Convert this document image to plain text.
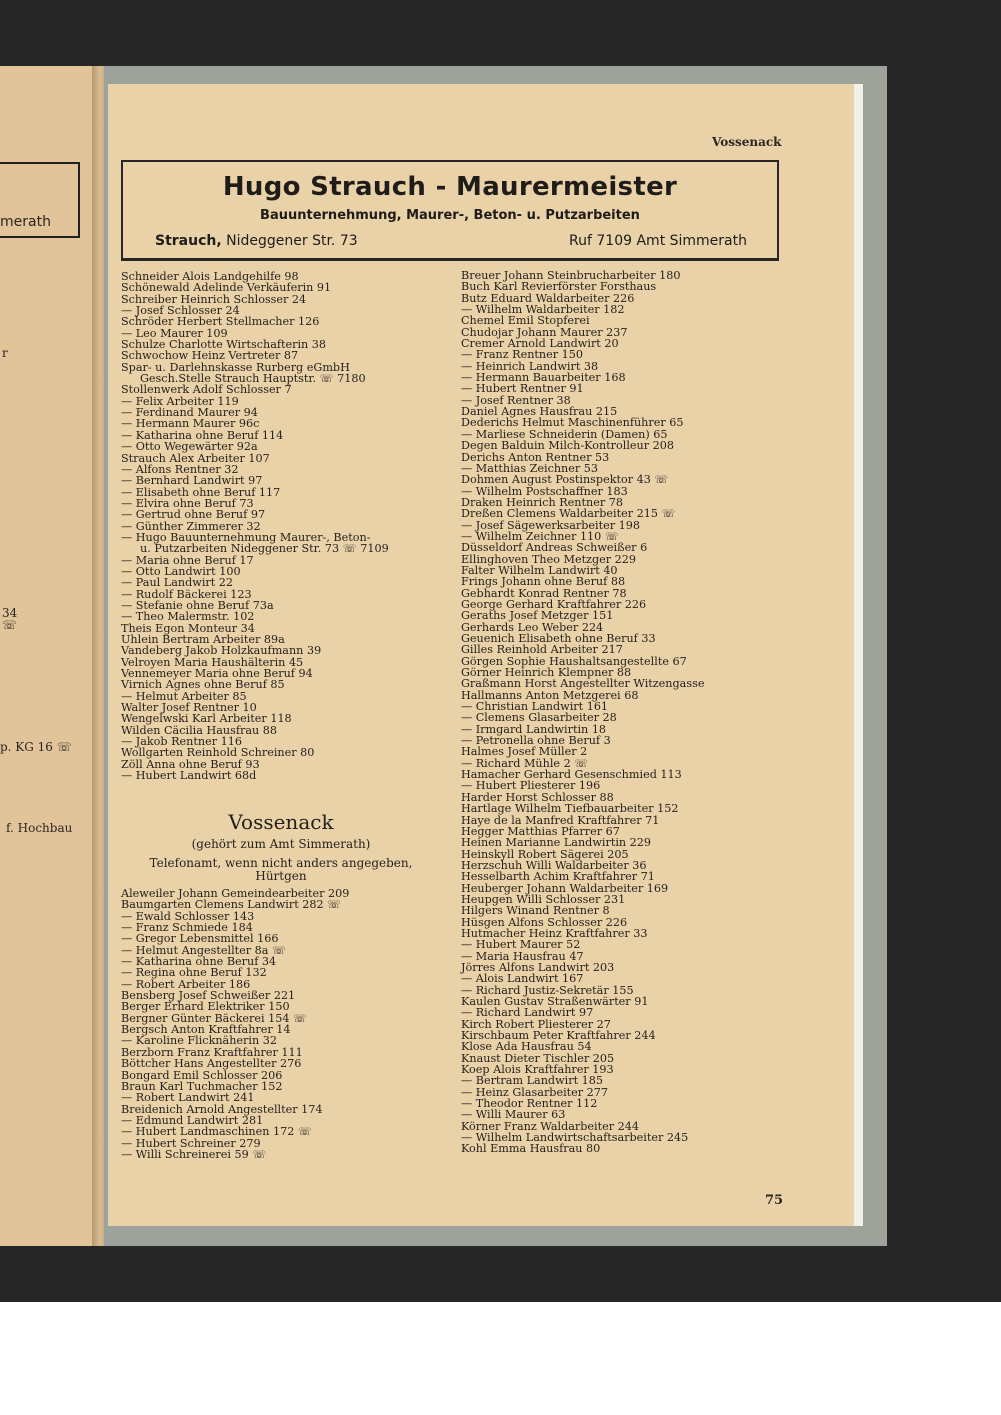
merath
r
34
☏
p. KG 16 ☏
f. Hochbau
Vossenack
Hugo Strauch - Maurermeister
Bauunternehmung, Maurer-, Beton- u. Putzarbeiten
Strauch, Nideggener Str. 73	Ruf 7109 Amt Simmerath
Schneider Alois Landgehilfe 98
Schönewald Adelinde Verkäuferin 91
Schreiber Heinrich Schlosser 24
— Josef Schlosser 24
Schröder Herbert Stellmacher 126
— Leo Maurer 109
Schulze Charlotte Wirtschafterin 38
Schwochow Heinz Vertreter 87
Spar- u. Darlehnskasse Rurberg eGmbH
Gesch.Stelle Strauch Hauptstr. ☏ 7180
Stollenwerk Adolf Schlosser 7
— Felix Arbeiter 119
— Ferdinand Maurer 94
— Hermann Maurer 96c
— Katharina ohne Beruf 114
— Otto Wegewärter 92a
Strauch Alex Arbeiter 107
— Alfons Rentner 32
— Bernhard Landwirt 97
— Elisabeth ohne Beruf 117
— Elvira ohne Beruf 73
— Gertrud ohne Beruf 97
— Günther Zimmerer 32
— Hugo Bauunternehmung Maurer-, Beton-
u. Putzarbeiten Nideggener Str. 73 ☏ 7109
— Maria ohne Beruf 17
— Otto Landwirt 100
— Paul Landwirt 22
— Rudolf Bäckerei 123
— Stefanie ohne Beruf 73a
— Theo Malermstr. 102
Theis Egon Monteur 34
Uhlein Bertram Arbeiter 89a
Vandeberg Jakob Holzkaufmann 39
Velroyen Maria Haushälterin 45
Vennemeyer Maria ohne Beruf 94
Virnich Agnes ohne Beruf 85
— Helmut Arbeiter 85
Walter Josef Rentner 10
Wengelwski Karl Arbeiter 118
Wilden Cäcilia Hausfrau 88
— Jakob Rentner 116
Wollgarten Reinhold Schreiner 80
Zöll Anna ohne Beruf 93
— Hubert Landwirt 68d
Vossenack
(gehört zum Amt Simmerath)
Telefonamt, wenn nicht anders angegeben,
Hürtgen
Aleweiler Johann Gemeindearbeiter 209
Baumgarten Clemens Landwirt 282 ☏
— Ewald Schlosser 143
— Franz Schmiede 184
— Gregor Lebensmittel 166
— Helmut Angestellter 8a ☏
— Katharina ohne Beruf 34
— Regina ohne Beruf 132
— Robert Arbeiter 186
Bensberg Josef Schweißer 221
Berger Erhard Elektriker 150
Bergner Günter Bäckerei 154 ☏
Bergsch Anton Kraftfahrer 14
— Karoline Flicknäherin 32
Berzborn Franz Kraftfahrer 111
Böttcher Hans Angestellter 276
Bongard Emil Schlosser 206
Braun Karl Tuchmacher 152
— Robert Landwirt 241
Breidenich Arnold Angestellter 174
— Edmund Landwirt 281
— Hubert Landmaschinen 172 ☏
— Hubert Schreiner 279
— Willi Schreinerei 59 ☏
Breuer Johann Steinbrucharbeiter 180
Buch Karl Revierförster Forsthaus
Butz Eduard Waldarbeiter 226
— Wilhelm Waldarbeiter 182
Chemel Emil Stopferei
Chudojar Johann Maurer 237
Cremer Arnold Landwirt 20
— Franz Rentner 150
— Heinrich Landwirt 38
— Hermann Bauarbeiter 168
— Hubert Rentner 91
— Josef Rentner 38
Daniel Agnes Hausfrau 215
Dederichs Helmut Maschinenführer 65
— Marliese Schneiderin (Damen) 65
Degen Balduin Milch-Kontrolleur 208
Derichs Anton Rentner 53
— Matthias Zeichner 53
Dohmen August Postinspektor 43 ☏
— Wilhelm Postschaffner 183
Draken Heinrich Rentner 78
Dreßen Clemens Waldarbeiter 215 ☏
— Josef Sägewerksarbeiter 198
— Wilhelm Zeichner 110 ☏
Düsseldorf Andreas Schweißer 6
Ellinghoven Theo Metzger 229
Falter Wilhelm Landwirt 40
Frings Johann ohne Beruf 88
Gebhardt Konrad Rentner 78
George Gerhard Kraftfahrer 226
Geraths Josef Metzger 151
Gerhards Leo Weber 224
Geuenich Elisabeth ohne Beruf 33
Gilles Reinhold Arbeiter 217
Görgen Sophie Haushaltsangestellte 67
Görner Heinrich Klempner 88
Graßmann Horst Angestellter Witzengasse
Hallmanns Anton Metzgerei 68
— Christian Landwirt 161
— Clemens Glasarbeiter 28
— Irmgard Landwirtin 18
— Petronella ohne Beruf 3
Halmes Josef Müller 2
— Richard Mühle 2 ☏
Hamacher Gerhard Gesenschmied 113
— Hubert Pliesterer 196
Harder Horst Schlosser 88
Hartlage Wilhelm Tiefbauarbeiter 152
Haye de la Manfred Kraftfahrer 71
Hegger Matthias Pfarrer 67
Heinen Marianne Landwirtin 229
Heinskyll Robert Sägerei 205
Herzschuh Willi Waldarbeiter 36
Hesselbarth Achim Kraftfahrer 71
Heuberger Johann Waldarbeiter 169
Heupgen Willi Schlosser 231
Hilgers Winand Rentner 8
Hüsgen Alfons Schlosser 226
Hutmacher Heinz Kraftfahrer 33
— Hubert Maurer 52
— Maria Hausfrau 47
Jörres Alfons Landwirt 203
— Alois Landwirt 167
— Richard Justiz-Sekretär 155
Kaulen Gustav Straßenwärter 91
— Richard Landwirt 97
Kirch Robert Pliesterer 27
Kirschbaum Peter Kraftfahrer 244
Klose Ada Hausfrau 54
Knaust Dieter Tischler 205
Koep Alois Kraftfahrer 193
— Bertram Landwirt 185
— Heinz Glasarbeiter 277
— Theodor Rentner 112
— Willi Maurer 63
Körner Franz Waldarbeiter 244
— Wilhelm Landwirtschaftsarbeiter 245
Kohl Emma Hausfrau 80
75
